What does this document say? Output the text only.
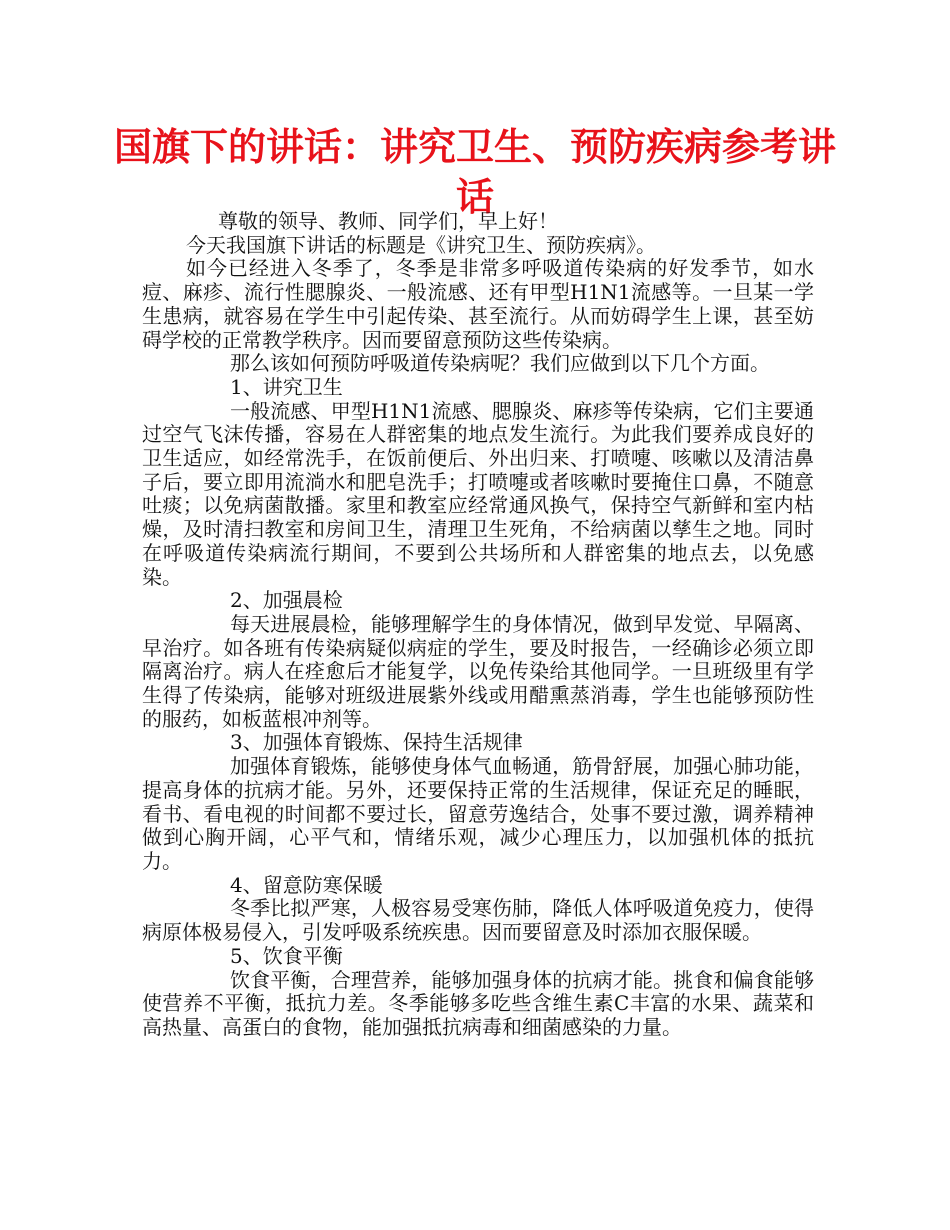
国旗下的讲话：讲究卫生、预防疾病参考讲话

尊敬的领导、教师、同学们，早上好！

今天我国旗下讲话的标题是《讲究卫生、预防疾病》。

如今已经进入冬季了，冬季是非常多呼吸道传染病的好发季节，如水痘、麻疹、流行性腮腺炎、一般流感、还有甲型H1N1流感等。一旦某一学生患病，就容易在学生中引起传染、甚至流行。从而妨碍学生上课，甚至妨碍学校的正常教学秩序。因而要留意预防这些传染病。

那么该如何预防呼吸道传染病呢？我们应做到以下几个方面。

1、讲究卫生

一般流感、甲型H1N1流感、腮腺炎、麻疹等传染病，它们主要通过空气飞沫传播，容易在人群密集的地点发生流行。为此我们要养成良好的卫生适应，如经常洗手，在饭前便后、外出归来、打喷嚏、咳嗽以及清洁鼻子后，要立即用流淌水和肥皂洗手；打喷嚏或者咳嗽时要掩住口鼻，不随意吐痰；以免病菌散播。家里和教室应经常通风换气，保持空气新鲜和室内枯燥，及时清扫教室和房间卫生，清理卫生死角，不给病菌以孳生之地。同时在呼吸道传染病流行期间，不要到公共场所和人群密集的地点去，以免感染。

2、加强晨检

每天进展晨检，能够理解学生的身体情况，做到早发觉、早隔离、早治疗。如各班有传染病疑似病症的学生，要及时报告，一经确诊必须立即隔离治疗。病人在痊愈后才能复学，以免传染给其他同学。一旦班级里有学生得了传染病，能够对班级进展紫外线或用醋熏蒸消毒，学生也能够预防性的服药，如板蓝根冲剂等。

3、加强体育锻炼、保持生活规律

加强体育锻炼，能够使身体气血畅通，筋骨舒展，加强心肺功能，提高身体的抗病才能。另外，还要保持正常的生活规律，保证充足的睡眠，看书、看电视的时间都不要过长，留意劳逸结合，处事不要过激，调养精神做到心胸开阔，心平气和，情绪乐观，减少心理压力，以加强机体的抵抗力。

4、留意防寒保暖

冬季比拟严寒，人极容易受寒伤肺，降低人体呼吸道免疫力，使得病原体极易侵入，引发呼吸系统疾患。因而要留意及时添加衣服保暖。

5、饮食平衡

饮食平衡，合理营养，能够加强身体的抗病才能。挑食和偏食能够使营养不平衡，抵抗力差。冬季能够多吃些含维生素C丰富的水果、蔬菜和高热量、高蛋白的食物，能加强抵抗病毒和细菌感染的力量。
